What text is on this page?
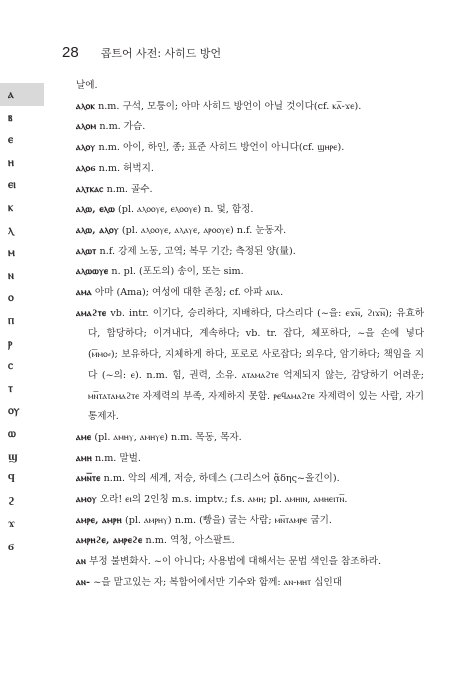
28 콥트어 사전: 사히드 방언
ⲁ
ⲃ
ⲉ
ⲏ
ⲉⲓ
ⲕ
ⲗ
ⲙ
ⲛ
ⲟ
ⲡ
ⲣ
ⲥ
ⲧ
ⲟⲩ
ⲱ
ϣ
ϥ
ϩ
ϫ
ϭ
날에.
ⲁⲗⲟⲕ n.m. 구석, 모퉁이; 아마 사히드 방언이 아닐 것이다(cf. ⲕⲁ̅-ϫⲉ).
ⲁⲗⲟⲙ n.m. 가슴.
ⲁⲗⲟⲩ n.m. 아이, 하인, 종; 표준 사히드 방언이 아니다(cf. ϣⲏⲣⲉ).
ⲁⲗⲟϭ n.m. 허벅지.
ⲁⲗⲧⲕⲁⲥ n.m. 골수.
ⲁⲗⲱ, ⲉⲗⲱ (pl. ⲁⲗⲟⲟⲩⲉ, ⲉⲗⲟⲟⲩⲉ) n. 덫, 함정.
ⲁⲗⲱ, ⲁⲗⲟⲩ (pl. ⲁⲗⲟⲟⲩⲉ, ⲁⲗⲁⲩⲉ, ⲁⲣⲟⲟⲩⲉ) n.f. 눈동자.
ⲁⲗⲱⲧ n.f. 강제 노동, 고역; 복무 기간; 측정된 양(量).
ⲁⲗⲱⲱⲩⲉ n. pl. (포도의) 송이, 또는 sim.
ⲁⲙⲁ 아마 (Ama); 여성에 대한 존칭; cf. 아파 ⲁⲡⲁ.
ⲁⲙⲁϩⲧⲉ vb. intr. 이기다, 승리하다, 지배하다, 다스리다 (~을: ⲉϫⲛ̅, ϩⲓϫⲛ̅); 유효하다, 합당하다; 이겨내다, 계속하다; vb. tr. 잡다, 체포하다, ~을 손에 넣다 (ⲙ̅ⲙⲟ⸗); 보유하다, 지체하게 하다, 포로로 사로잡다; 외우다, 암기하다; 책임을 지다 (~의: ⲉ). n.m. 힘, 권력, 소유. ⲁⲧⲁⲙⲁϩⲧⲉ 억제되지 않는, 감당하기 어려운; ⲙⲛ̅ⲧⲁⲧⲁⲙⲁϩⲧⲉ 자제력의 부족, 자제하지 못함. ⲣⲉϥⲁⲙⲁϩⲧⲉ 자제력이 있는 사람, 자기 통제자.
ⲁⲙⲉ (pl. ⲁⲙⲏⲩ, ⲁⲙⲏⲩⲉ) n.m. 목동, 목자.
ⲁⲙⲏ n.m. 말벌.
ⲁⲙⲛ̅ⲧⲉ n.m. 악의 세계, 저승, 하데스 (그리스어 ᾅδης~올긴이).
ⲁⲙⲟⲩ 오라! ⲉⲓ의 2인칭 m.s. imptv.; f.s. ⲁⲙⲏ; pl. ⲁⲙⲏⲓⲛ, ⲁⲙⲏⲉⲓⲧⲛ̅.
ⲁⲙⲣⲉ, ⲁⲙⲣⲏ (pl. ⲁⲙⲣⲏⲩ) n.m. (빵을) 굽는 사람; ⲙⲛ̅ⲧⲁⲙⲣⲉ 굽기.
ⲁⲙⲣⲏϩⲉ, ⲁⲙⲣⲉϩⲉ n.m. 역청, 아스팔트.
ⲁⲛ 부정 불변화사. ~이 아니다; 사용법에 대해서는 문법 색인을 참조하라.
ⲁⲛ- ~을 맡고있는 자; 복합어에서만 기수와 함께: ⲁⲛ-ⲙⲏⲧ 십인대
